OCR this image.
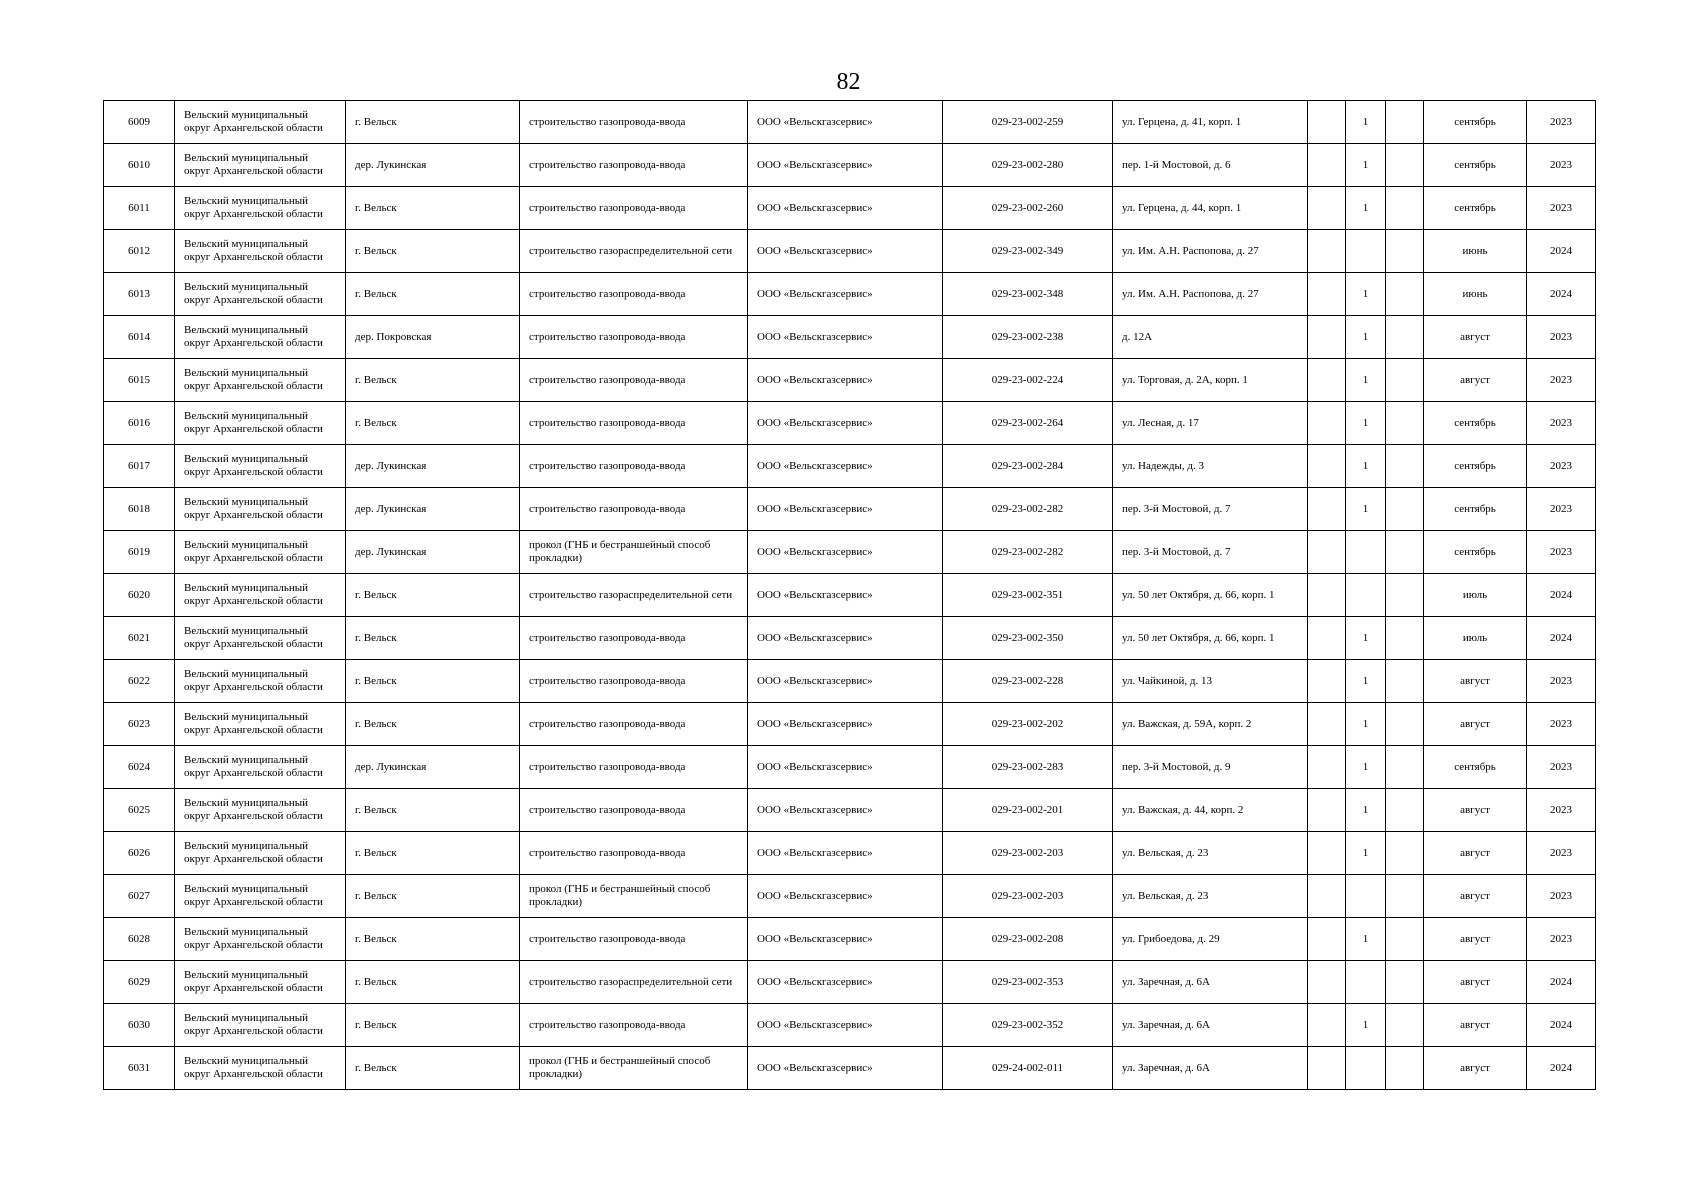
82
6009	Вельский муниципальный округ Архангельской области	г. Вельск	строительство газопровода-ввода	ООО «Вельскгазсервис»	029-23-002-259	ул. Герцена, д. 41, корп. 1		1		сентябрь	2023
6010	Вельский муниципальный округ Архангельской области	дер. Лукинская	строительство газопровода-ввода	ООО «Вельскгазсервис»	029-23-002-280	пер. 1-й Мостовой, д. 6		1		сентябрь	2023
6011	Вельский муниципальный округ Архангельской области	г. Вельск	строительство газопровода-ввода	ООО «Вельскгазсервис»	029-23-002-260	ул. Герцена, д. 44, корп. 1		1		сентябрь	2023
6012	Вельский муниципальный округ Архангельской области	г. Вельск	строительство газораспределительной сети	ООО «Вельскгазсервис»	029-23-002-349	ул. Им. А.Н. Распопова, д. 27				июнь	2024
6013	Вельский муниципальный округ Архангельской области	г. Вельск	строительство газопровода-ввода	ООО «Вельскгазсервис»	029-23-002-348	ул. Им. А.Н. Распопова, д. 27		1		июнь	2024
6014	Вельский муниципальный округ Архангельской области	дер. Покровская	строительство газопровода-ввода	ООО «Вельскгазсервис»	029-23-002-238	д. 12А		1		август	2023
6015	Вельский муниципальный округ Архангельской области	г. Вельск	строительство газопровода-ввода	ООО «Вельскгазсервис»	029-23-002-224	ул. Торговая, д. 2А, корп. 1		1		август	2023
6016	Вельский муниципальный округ Архангельской области	г. Вельск	строительство газопровода-ввода	ООО «Вельскгазсервис»	029-23-002-264	ул. Лесная, д. 17		1		сентябрь	2023
6017	Вельский муниципальный округ Архангельской области	дер. Лукинская	строительство газопровода-ввода	ООО «Вельскгазсервис»	029-23-002-284	ул. Надежды, д. 3		1		сентябрь	2023
6018	Вельский муниципальный округ Архангельской области	дер. Лукинская	строительство газопровода-ввода	ООО «Вельскгазсервис»	029-23-002-282	пер. 3-й Мостовой, д. 7		1		сентябрь	2023
6019	Вельский муниципальный округ Архангельской области	дер. Лукинская	прокол (ГНБ и бестраншейный способ прокладки)	ООО «Вельскгазсервис»	029-23-002-282	пер. 3-й Мостовой, д. 7				сентябрь	2023
6020	Вельский муниципальный округ Архангельской области	г. Вельск	строительство газораспределительной сети	ООО «Вельскгазсервис»	029-23-002-351	ул. 50 лет Октября, д. 66, корп. 1				июль	2024
6021	Вельский муниципальный округ Архангельской области	г. Вельск	строительство газопровода-ввода	ООО «Вельскгазсервис»	029-23-002-350	ул. 50 лет Октября, д. 66, корп. 1		1		июль	2024
6022	Вельский муниципальный округ Архангельской области	г. Вельск	строительство газопровода-ввода	ООО «Вельскгазсервис»	029-23-002-228	ул. Чайкиной, д. 13		1		август	2023
6023	Вельский муниципальный округ Архангельской области	г. Вельск	строительство газопровода-ввода	ООО «Вельскгазсервис»	029-23-002-202	ул. Важская, д. 59А, корп. 2		1		август	2023
6024	Вельский муниципальный округ Архангельской области	дер. Лукинская	строительство газопровода-ввода	ООО «Вельскгазсервис»	029-23-002-283	пер. 3-й Мостовой, д. 9		1		сентябрь	2023
6025	Вельский муниципальный округ Архангельской области	г. Вельск	строительство газопровода-ввода	ООО «Вельскгазсервис»	029-23-002-201	ул. Важская, д. 44, корп. 2		1		август	2023
6026	Вельский муниципальный округ Архангельской области	г. Вельск	строительство газопровода-ввода	ООО «Вельскгазсервис»	029-23-002-203	ул. Вельская, д. 23		1		август	2023
6027	Вельский муниципальный округ Архангельской области	г. Вельск	прокол (ГНБ и бестраншейный способ прокладки)	ООО «Вельскгазсервис»	029-23-002-203	ул. Вельская, д. 23				август	2023
6028	Вельский муниципальный округ Архангельской области	г. Вельск	строительство газопровода-ввода	ООО «Вельскгазсервис»	029-23-002-208	ул. Грибоедова, д. 29		1		август	2023
6029	Вельский муниципальный округ Архангельской области	г. Вельск	строительство газораспределительной сети	ООО «Вельскгазсервис»	029-23-002-353	ул. Заречная, д. 6А				август	2024
6030	Вельский муниципальный округ Архангельской области	г. Вельск	строительство газопровода-ввода	ООО «Вельскгазсервис»	029-23-002-352	ул. Заречная, д. 6А		1		август	2024
6031	Вельский муниципальный округ Архангельской области	г. Вельск	прокол (ГНБ и бестраншейный способ прокладки)	ООО «Вельскгазсервис»	029-24-002-011	ул. Заречная, д. 6А				август	2024
